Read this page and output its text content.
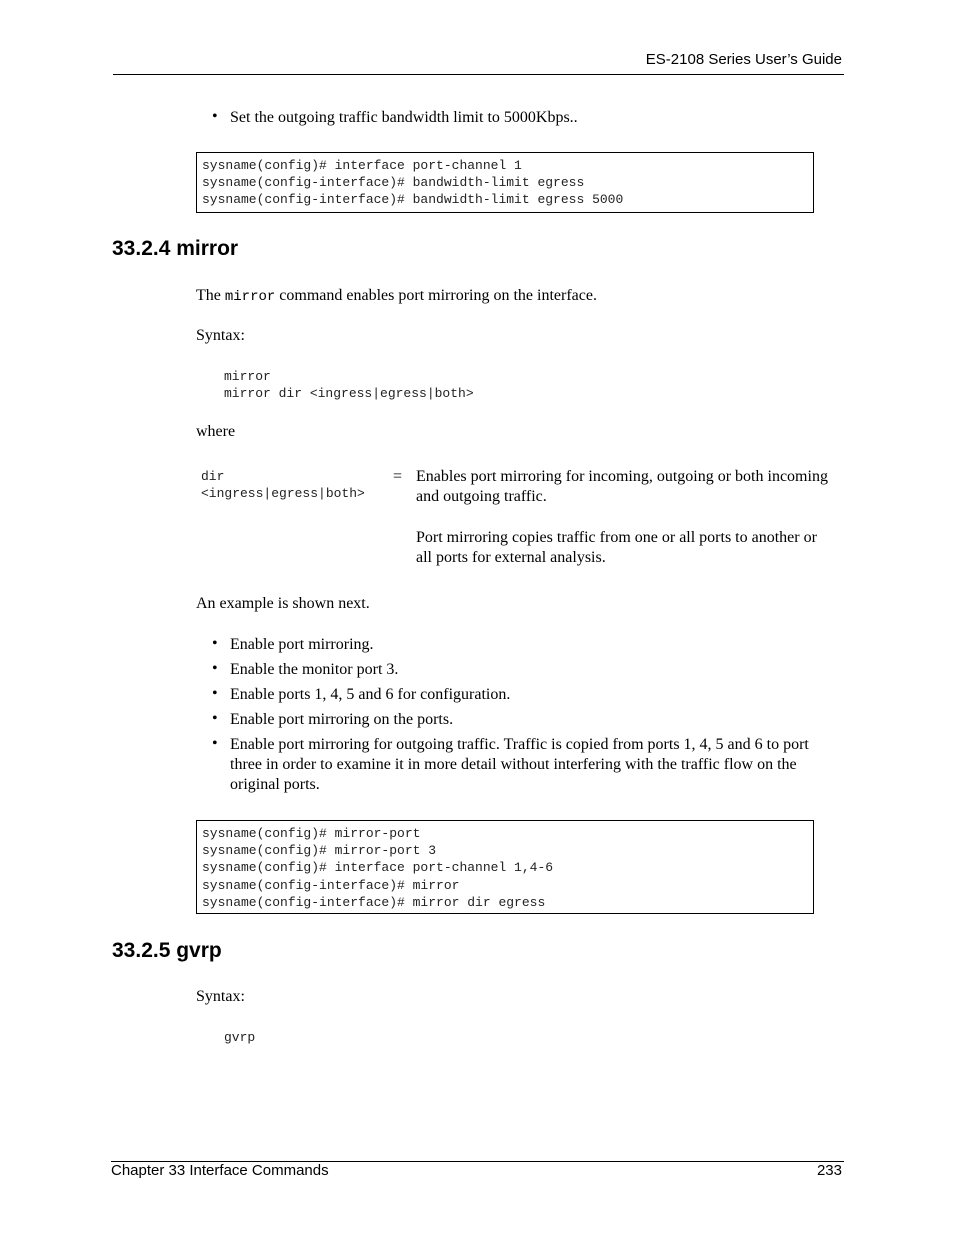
ES-2108 Series User’s Guide
• Set the outgoing traffic bandwidth limit to 5000Kbps..
sysname(config)# interface port-channel 1
sysname(config-interface)# bandwidth-limit egress
sysname(config-interface)# bandwidth-limit egress 5000
33.2.4 mirror
The mirror command enables port mirroring on the interface.
Syntax:
mirror
mirror dir <ingress|egress|both>
where
dir
<ingress|egress|both>
= Enables port mirroring for incoming, outgoing or both incoming and outgoing traffic.
Port mirroring copies traffic from one or all ports to another or all ports for external analysis.
An example is shown next.
• Enable port mirroring.
• Enable the monitor port 3.
• Enable ports 1, 4, 5 and 6 for configuration.
• Enable port mirroring on the ports.
• Enable port mirroring for outgoing traffic. Traffic is copied from ports 1, 4, 5 and 6 to port three in order to examine it in more detail without interfering with the traffic flow on the original ports.
sysname(config)# mirror-port
sysname(config)# mirror-port 3
sysname(config)# interface port-channel 1,4-6
sysname(config-interface)# mirror
sysname(config-interface)# mirror dir egress
33.2.5 gvrp
Syntax:
gvrp
Chapter 33 Interface Commands	233
